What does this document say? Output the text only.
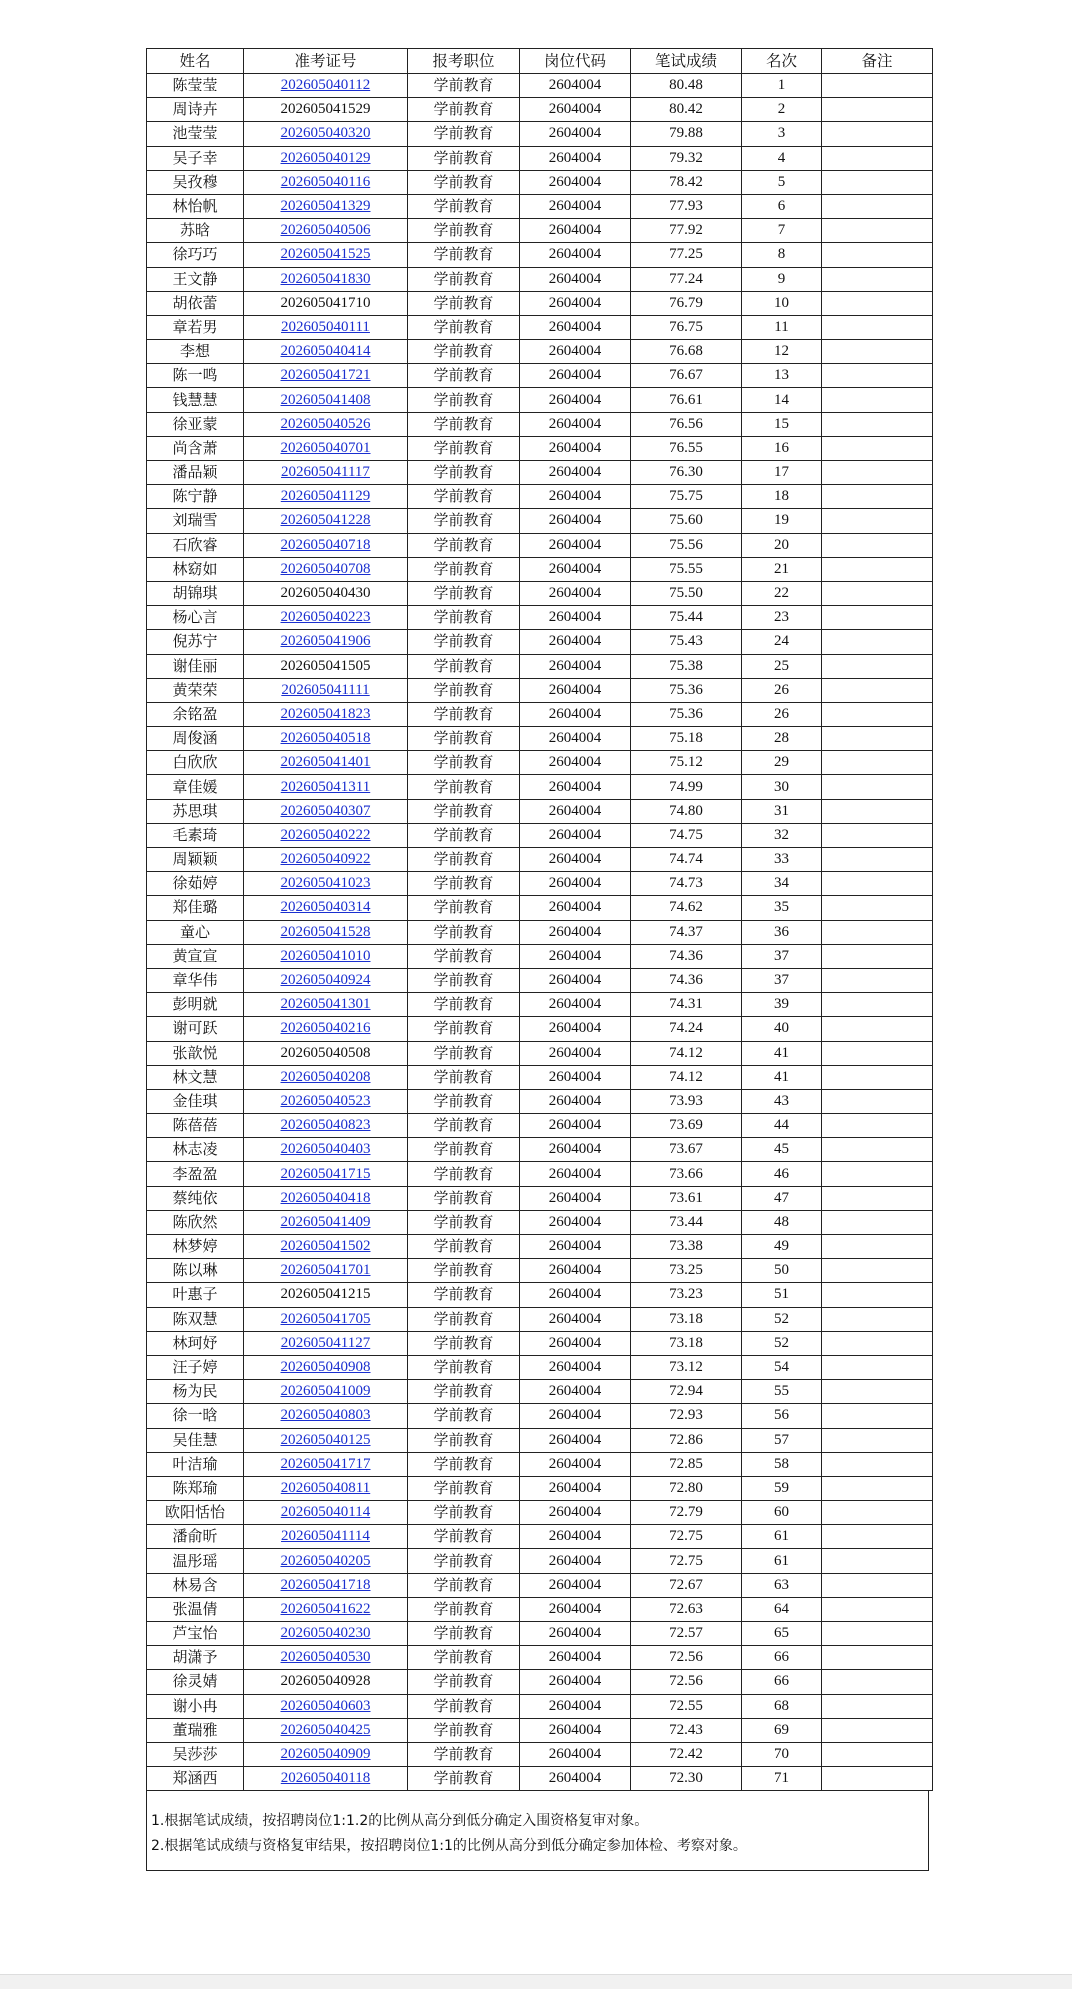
姓名	准考证号	报考职位	岗位代码	笔试成绩	名次	备注
陈莹莹	202605040112	学前教育	2604004	80.48	1	
周诗卉	202605041529	学前教育	2604004	80.42	2	
池莹莹	202605040320	学前教育	2604004	79.88	3	
吴子幸	202605040129	学前教育	2604004	79.32	4	
吴孜穆	202605040116	学前教育	2604004	78.42	5	
林怡帆	202605041329	学前教育	2604004	77.93	6	
苏晗	202605040506	学前教育	2604004	77.92	7	
徐巧巧	202605041525	学前教育	2604004	77.25	8	
王文静	202605041830	学前教育	2604004	77.24	9	
胡依蕾	202605041710	学前教育	2604004	76.79	10	
章若男	202605040111	学前教育	2604004	76.75	11	
李想	202605040414	学前教育	2604004	76.68	12	
陈一鸣	202605041721	学前教育	2604004	76.67	13	
钱慧慧	202605041408	学前教育	2604004	76.61	14	
徐亚蒙	202605040526	学前教育	2604004	76.56	15	
尚含萧	202605040701	学前教育	2604004	76.55	16	
潘品颖	202605041117	学前教育	2604004	76.30	17	
陈宁静	202605041129	学前教育	2604004	75.75	18	
刘瑞雪	202605041228	学前教育	2604004	75.60	19	
石欣睿	202605040718	学前教育	2604004	75.56	20	
林窈如	202605040708	学前教育	2604004	75.55	21	
胡锦琪	202605040430	学前教育	2604004	75.50	22	
杨心言	202605040223	学前教育	2604004	75.44	23	
倪苏宁	202605041906	学前教育	2604004	75.43	24	
谢佳丽	202605041505	学前教育	2604004	75.38	25	
黄荣荣	202605041111	学前教育	2604004	75.36	26	
余铭盈	202605041823	学前教育	2604004	75.36	26	
周俊涵	202605040518	学前教育	2604004	75.18	28	
白欣欣	202605041401	学前教育	2604004	75.12	29	
章佳媛	202605041311	学前教育	2604004	74.99	30	
苏思琪	202605040307	学前教育	2604004	74.80	31	
毛素琦	202605040222	学前教育	2604004	74.75	32	
周颖颖	202605040922	学前教育	2604004	74.74	33	
徐茹婷	202605041023	学前教育	2604004	74.73	34	
郑佳璐	202605040314	学前教育	2604004	74.62	35	
童心	202605041528	学前教育	2604004	74.37	36	
黄宣宣	202605041010	学前教育	2604004	74.36	37	
章华伟	202605040924	学前教育	2604004	74.36	37	
彭明就	202605041301	学前教育	2604004	74.31	39	
谢可跃	202605040216	学前教育	2604004	74.24	40	
张歆悦	202605040508	学前教育	2604004	74.12	41	
林文慧	202605040208	学前教育	2604004	74.12	41	
金佳琪	202605040523	学前教育	2604004	73.93	43	
陈蓓蓓	202605040823	学前教育	2604004	73.69	44	
林志凌	202605040403	学前教育	2604004	73.67	45	
李盈盈	202605041715	学前教育	2604004	73.66	46	
蔡纯依	202605040418	学前教育	2604004	73.61	47	
陈欣然	202605041409	学前教育	2604004	73.44	48	
林梦婷	202605041502	学前教育	2604004	73.38	49	
陈以琳	202605041701	学前教育	2604004	73.25	50	
叶惠子	202605041215	学前教育	2604004	73.23	51	
陈双慧	202605041705	学前教育	2604004	73.18	52	
林珂妤	202605041127	学前教育	2604004	73.18	52	
汪子婷	202605040908	学前教育	2604004	73.12	54	
杨为民	202605041009	学前教育	2604004	72.94	55	
徐一晗	202605040803	学前教育	2604004	72.93	56	
吴佳慧	202605040125	学前教育	2604004	72.86	57	
叶洁瑜	202605041717	学前教育	2604004	72.85	58	
陈郑瑜	202605040811	学前教育	2604004	72.80	59	
欧阳恬怡	202605040114	学前教育	2604004	72.79	60	
潘俞昕	202605041114	学前教育	2604004	72.75	61	
温彤瑶	202605040205	学前教育	2604004	72.75	61	
林易含	202605041718	学前教育	2604004	72.67	63	
张温倩	202605041622	学前教育	2604004	72.63	64	
芦宝怡	202605040230	学前教育	2604004	72.57	65	
胡潇予	202605040530	学前教育	2604004	72.56	66	
徐灵婧	202605040928	学前教育	2604004	72.56	66	
谢小冉	202605040603	学前教育	2604004	72.55	68	
董瑞雅	202605040425	学前教育	2604004	72.43	69	
吴莎莎	202605040909	学前教育	2604004	72.42	70	
郑涵西	202605040118	学前教育	2604004	72.30	71	
1.根据笔试成绩，按招聘岗位1:1.2的比例从高分到低分确定入围资格复审对象。
2.根据笔试成绩与资格复审结果，按招聘岗位1:1的比例从高分到低分确定参加体检、考察对象。
